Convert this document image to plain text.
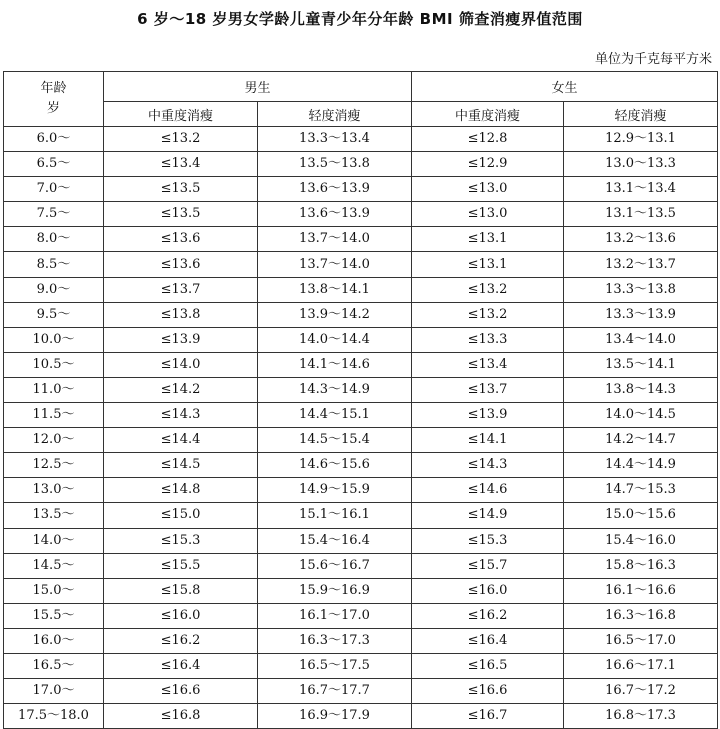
6 岁～18 岁男女学龄儿童青少年分年龄 BMI 筛查消瘦界值范围
单位为千克每平方米
年龄
岁	男生		女生	
	中重度消瘦	轻度消瘦	中重度消瘦	轻度消瘦
6.0～	≤13.2	13.3～13.4	≤12.8	12.9～13.1
6.5～	≤13.4	13.5～13.8	≤12.9	13.0～13.3
7.0～	≤13.5	13.6～13.9	≤13.0	13.1～13.4
7.5～	≤13.5	13.6～13.9	≤13.0	13.1～13.5
8.0～	≤13.6	13.7～14.0	≤13.1	13.2～13.6
8.5～	≤13.6	13.7～14.0	≤13.1	13.2～13.7
9.0～	≤13.7	13.8～14.1	≤13.2	13.3～13.8
9.5～	≤13.8	13.9～14.2	≤13.2	13.3～13.9
10.0～	≤13.9	14.0～14.4	≤13.3	13.4～14.0
10.5～	≤14.0	14.1～14.6	≤13.4	13.5～14.1
11.0～	≤14.2	14.3～14.9	≤13.7	13.8～14.3
11.5～	≤14.3	14.4～15.1	≤13.9	14.0～14.5
12.0～	≤14.4	14.5～15.4	≤14.1	14.2～14.7
12.5～	≤14.5	14.6～15.6	≤14.3	14.4～14.9
13.0～	≤14.8	14.9～15.9	≤14.6	14.7～15.3
13.5～	≤15.0	15.1～16.1	≤14.9	15.0～15.6
14.0～	≤15.3	15.4～16.4	≤15.3	15.4～16.0
14.5～	≤15.5	15.6～16.7	≤15.7	15.8～16.3
15.0～	≤15.8	15.9～16.9	≤16.0	16.1～16.6
15.5～	≤16.0	16.1～17.0	≤16.2	16.3～16.8
16.0～	≤16.2	16.3～17.3	≤16.4	16.5～17.0
16.5～	≤16.4	16.5～17.5	≤16.5	16.6～17.1
17.0～	≤16.6	16.7～17.7	≤16.6	16.7～17.2
17.5～18.0	≤16.8	16.9～17.9	≤16.7	16.8～17.3
